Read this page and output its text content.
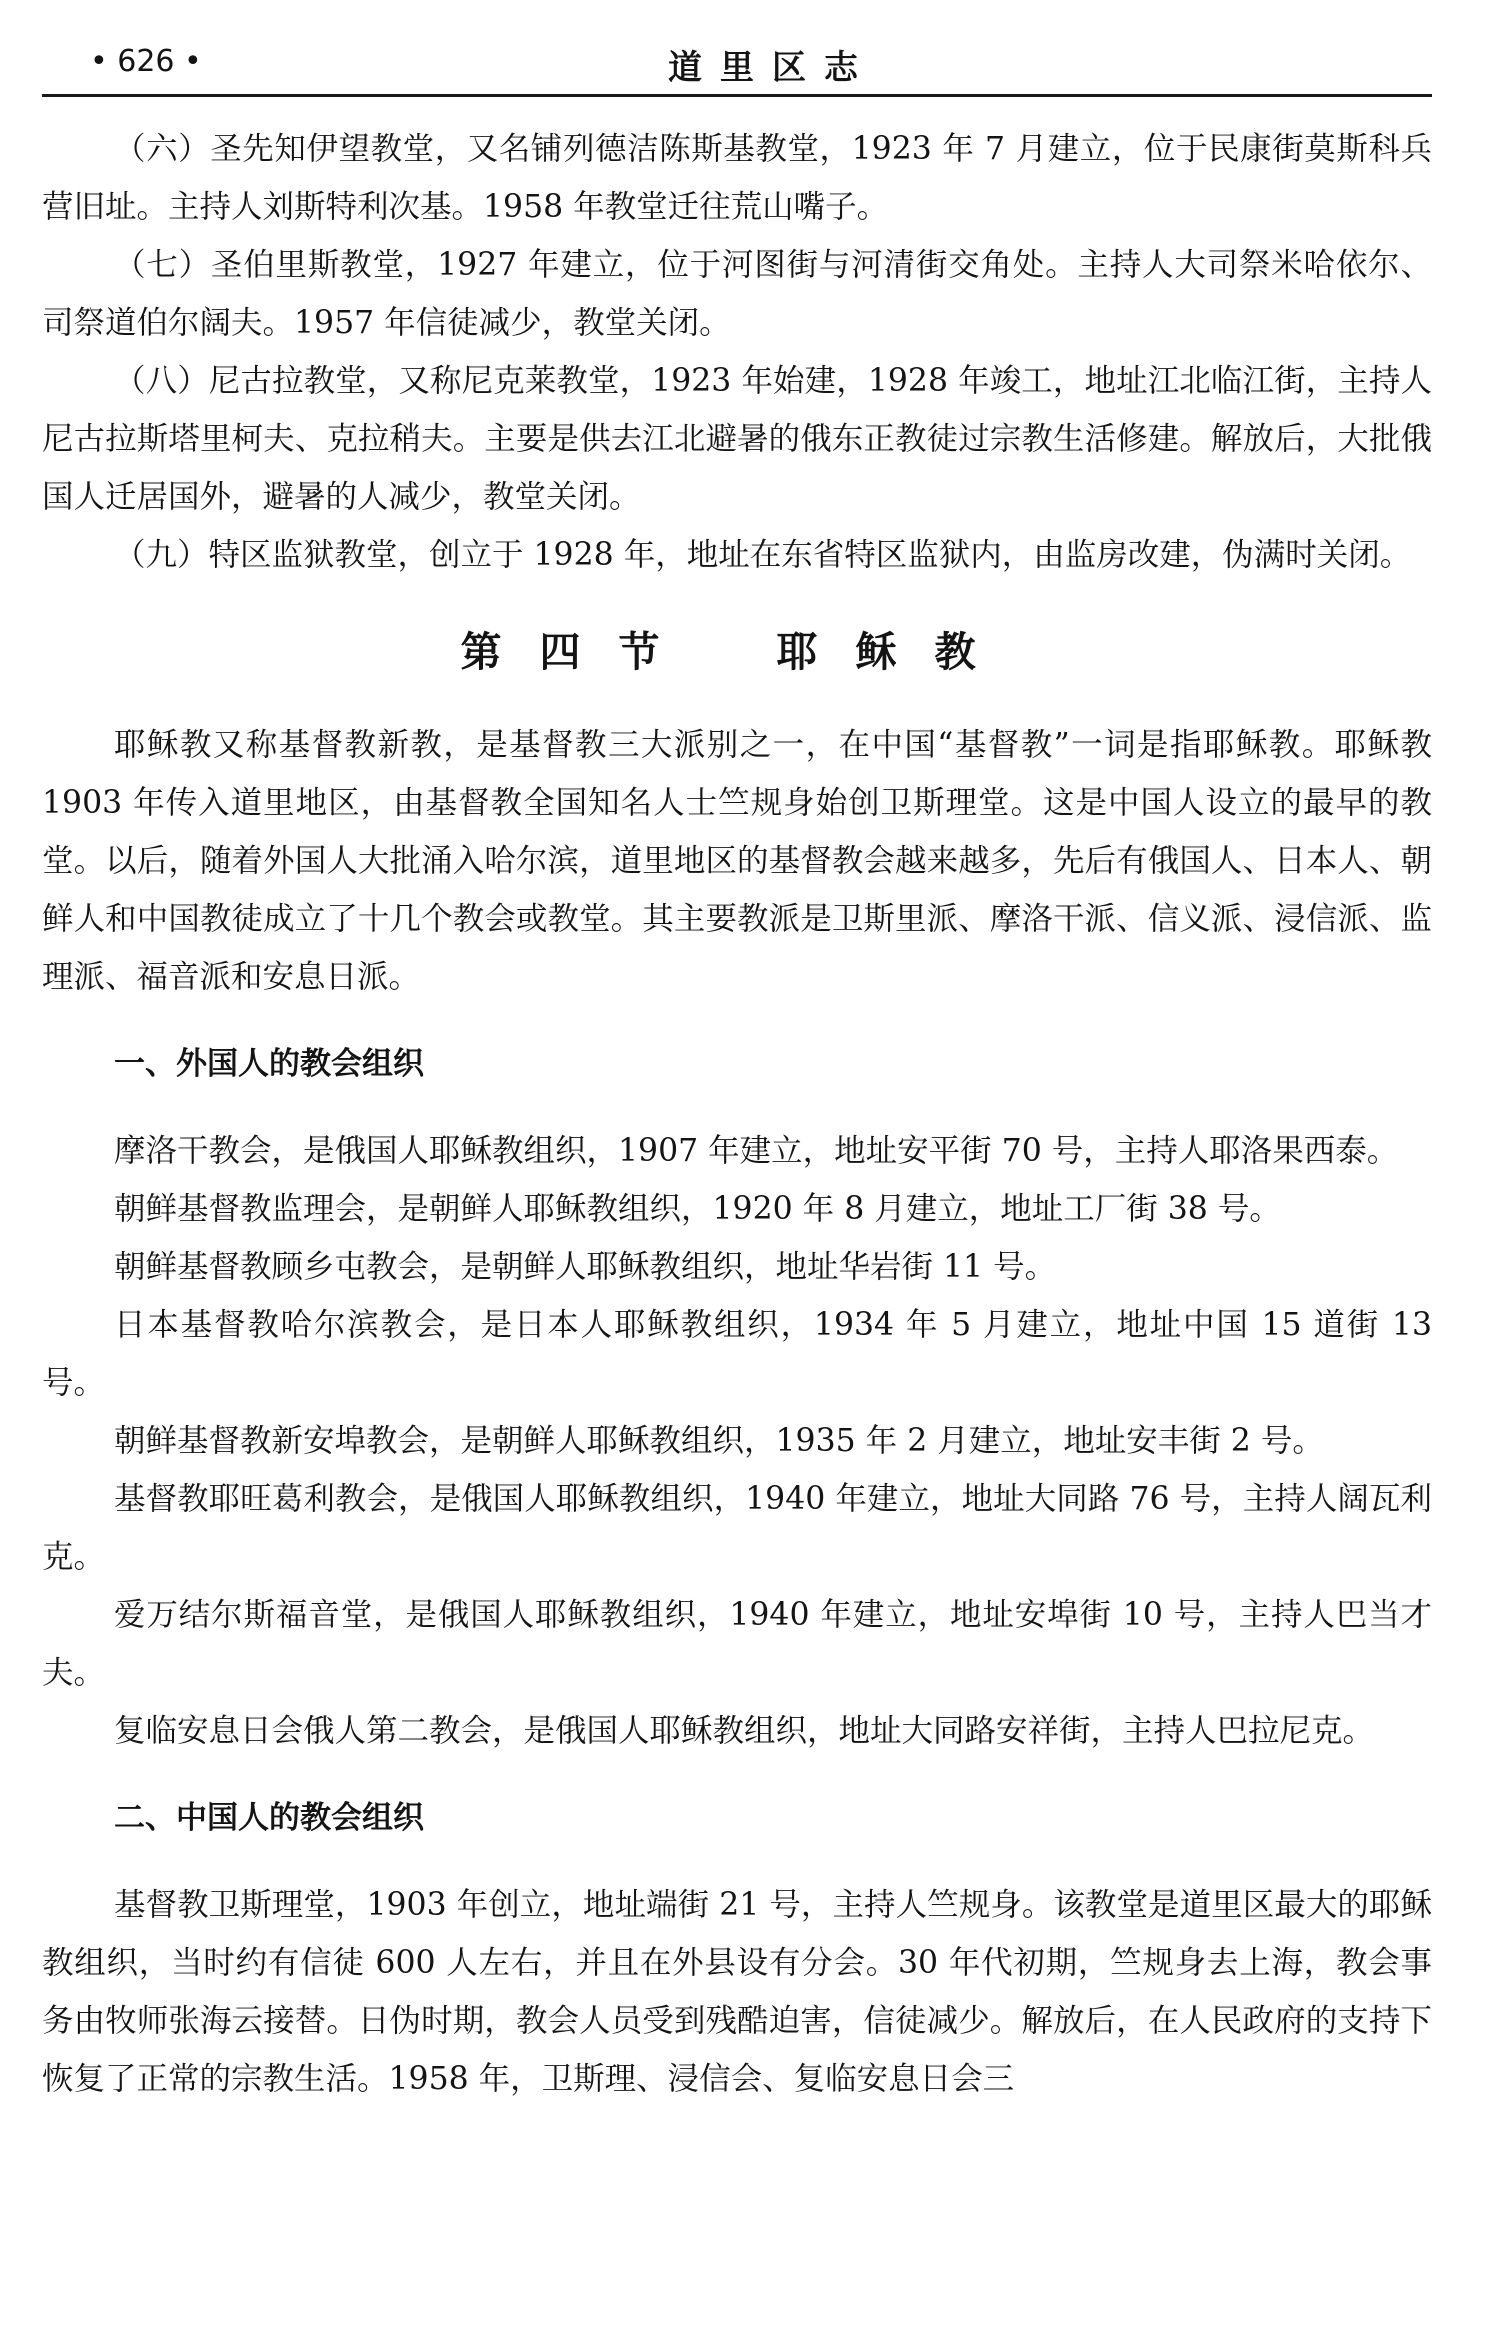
• 626 •	道里区志

（六）圣先知伊望教堂，又名铺列德洁陈斯基教堂，1923 年 7 月建立，位于民康街莫斯科兵营旧址。主持人刘斯特利次基。1958 年教堂迁往荒山嘴子。

（七）圣伯里斯教堂，1927 年建立，位于河图街与河清街交角处。主持人大司祭米哈依尔、司祭道伯尔阔夫。1957 年信徒减少，教堂关闭。

（八）尼古拉教堂，又称尼克莱教堂，1923 年始建，1928 年竣工，地址江北临江街，主持人尼古拉斯塔里柯夫、克拉稍夫。主要是供去江北避暑的俄东正教徒过宗教生活修建。解放后，大批俄国人迁居国外，避暑的人减少，教堂关闭。

（九）特区监狱教堂，创立于 1928 年，地址在东省特区监狱内，由监房改建，伪满时关闭。

第四节　耶稣教

耶稣教又称基督教新教，是基督教三大派别之一，在中国“基督教”一词是指耶稣教。耶稣教 1903 年传入道里地区，由基督教全国知名人士竺规身始创卫斯理堂。这是中国人设立的最早的教堂。以后，随着外国人大批涌入哈尔滨，道里地区的基督教会越来越多，先后有俄国人、日本人、朝鲜人和中国教徒成立了十几个教会或教堂。其主要教派是卫斯里派、摩洛干派、信义派、浸信派、监理派、福音派和安息日派。

一、外国人的教会组织

摩洛干教会，是俄国人耶稣教组织，1907 年建立，地址安平街 70 号，主持人耶洛果西泰。

朝鲜基督教监理会，是朝鲜人耶稣教组织，1920 年 8 月建立，地址工厂街 38 号。

朝鲜基督教顾乡屯教会，是朝鲜人耶稣教组织，地址华岩街 11 号。

日本基督教哈尔滨教会，是日本人耶稣教组织，1934 年 5 月建立，地址中国 15 道街 13 号。

朝鲜基督教新安埠教会，是朝鲜人耶稣教组织，1935 年 2 月建立，地址安丰街 2 号。

基督教耶旺葛利教会，是俄国人耶稣教组织，1940 年建立，地址大同路 76 号，主持人阔瓦利克。

爱万结尔斯福音堂，是俄国人耶稣教组织，1940 年建立，地址安埠街 10 号，主持人巴当才夫。

复临安息日会俄人第二教会，是俄国人耶稣教组织，地址大同路安祥街，主持人巴拉尼克。

二、中国人的教会组织

基督教卫斯理堂，1903 年创立，地址端街 21 号，主持人竺规身。该教堂是道里区最大的耶稣教组织，当时约有信徒 600 人左右，并且在外县设有分会。30 年代初期，竺规身去上海，教会事务由牧师张海云接替。日伪时期，教会人员受到残酷迫害，信徒减少。解放后，在人民政府的支持下恢复了正常的宗教生活。1958 年，卫斯理、浸信会、复临安息日会三
